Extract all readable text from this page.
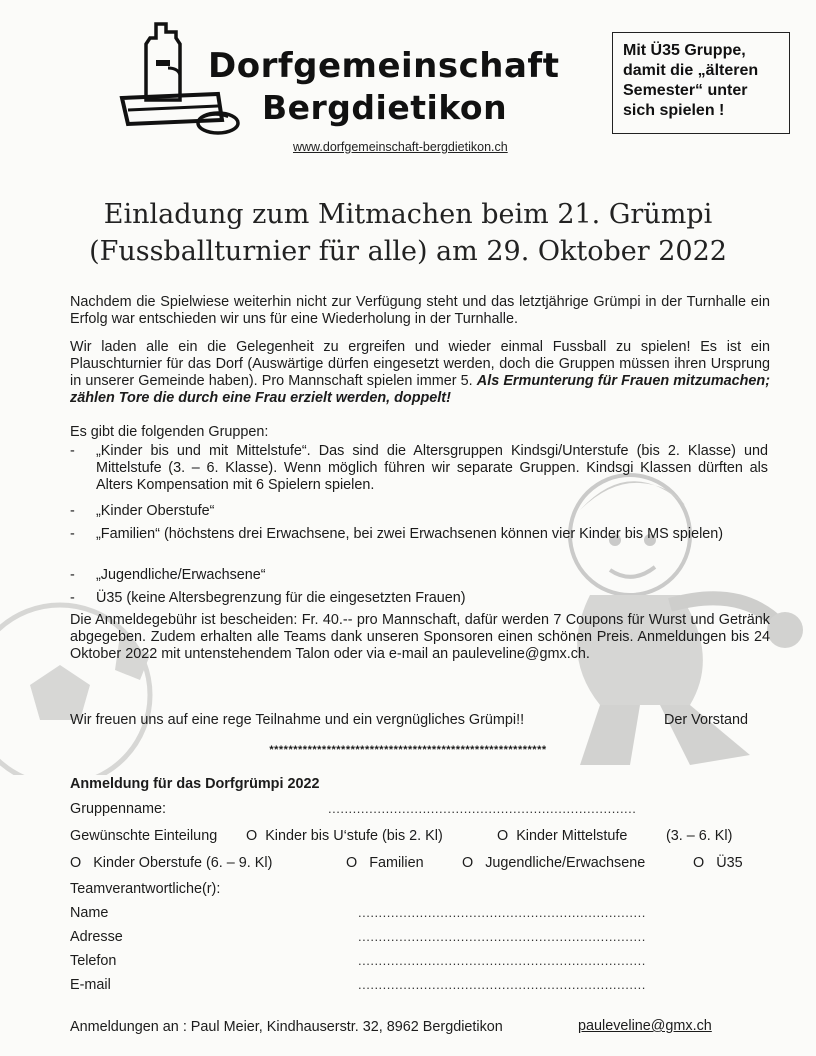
Dorfgemeinschaft
Bergdietikon
www.dorfgemeinschaft-bergdietikon.ch
Mit Ü35 Gruppe,
damit die „älteren
Semester“ unter
sich spielen !
Einladung zum Mitmachen beim 21. Grümpi
(Fussballturnier für alle) am 29. Oktober 2022
Nachdem die Spielwiese weiterhin nicht zur Verfügung steht und das letztjährige Grümpi in der Turnhalle ein Erfolg war entschieden wir uns für eine Wiederholung in der Turnhalle.
Wir laden alle ein die Gelegenheit zu ergreifen und wieder einmal Fussball zu spielen! Es ist ein Plauschturnier für das Dorf (Auswärtige dürfen eingesetzt werden, doch die Gruppen müssen ihren Ursprung in unserer Gemeinde haben). Pro Mannschaft spielen immer 5. Als Ermunterung für Frauen mitzumachen; zählen Tore die durch eine Frau erzielt werden, doppelt!
Es gibt die folgenden Gruppen:
- „Kinder bis und mit Mittelstufe“. Das sind die Altersgruppen Kindsgi/Unterstufe (bis 2. Klasse) und Mittelstufe (3. – 6. Klasse). Wenn möglich führen wir separate Gruppen. Kindsgi Klassen dürften als Alters Kompensation mit 6 Spielern spielen.
- „Kinder Oberstufe“
- „Familien“ (höchstens drei Erwachsene, bei zwei Erwachsenen können vier Kinder bis MS spielen)
- „Jugendliche/Erwachsene“
- Ü35 (keine Altersbegrenzung für die eingesetzten Frauen)
Die Anmeldegebühr ist bescheiden: Fr. 40.-- pro Mannschaft, dafür werden 7 Coupons für Wurst und Getränk abgegeben. Zudem erhalten alle Teams dank unseren Sponsoren einen schönen Preis. Anmeldungen bis 24 Oktober 2022 mit untenstehendem Talon oder via e-mail an pauleveline@gmx.ch.
Wir freuen uns auf eine rege Teilnahme und ein vergnügliches Grümpi!!	Der Vorstand
**********************************************************
Anmeldung für das Dorfgrümpi 2022
Gruppenname:	...........................................................................
Gewünschte Einteilung O Kinder bis U‘stufe (bis 2. Kl)	O Kinder Mittelstufe	(3. – 6. Kl)
O Kinder Oberstufe (6. – 9. Kl)	O Familien	O Jugendliche/Erwachsene	O Ü35
Teamverantwortliche(r):
Name	......................................................................
Adresse	......................................................................
Telefon	......................................................................
E-mail	......................................................................
Anmeldungen an : Paul Meier, Kindhauserstr. 32, 8962 Bergdietikon	pauleveline@gmx.ch
